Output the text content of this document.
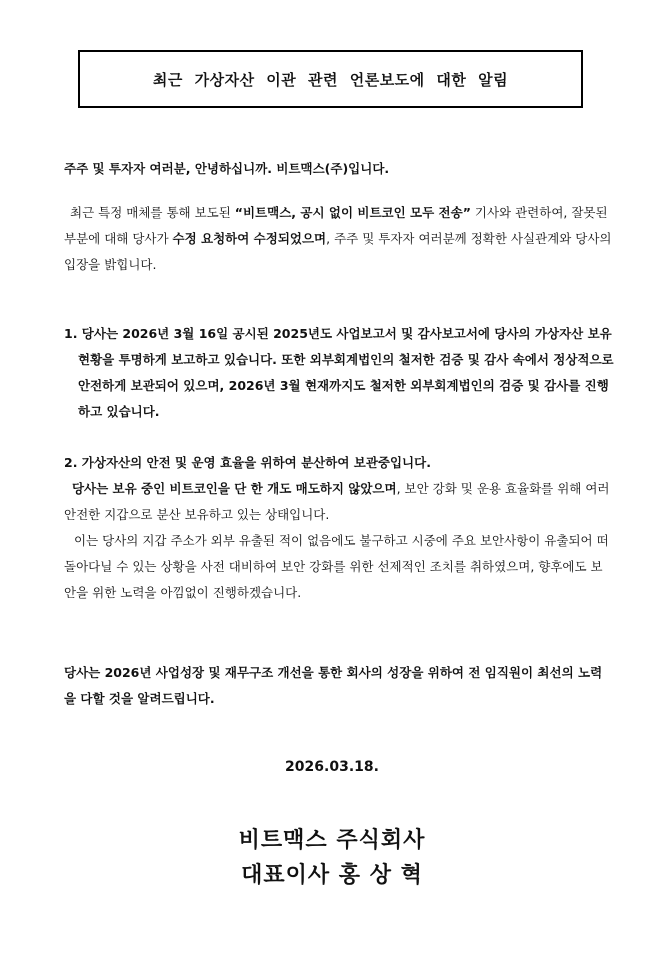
최근 가상자산 이관 관련 언론보도에 대한 알림
주주 및 투자자 여러분, 안녕하십니까. 비트맥스(주)입니다.
최근 특정 매체를 통해 보도된 “비트맥스, 공시 없이 비트코인 모두 전송” 기사와 관련하여, 잘못된 부분에 대해 당사가 수정 요청하여 수정되었으며, 주주 및 투자자 여러분께 정확한 사실관계와 당사의 입장을 밝힙니다.
1. 당사는 2026년 3월 16일 공시된 2025년도 사업보고서 및 감사보고서에 당사의 가상자산 보유 현황을 투명하게 보고하고 있습니다. 또한 외부회계법인의 철저한 검증 및 감사 속에서 정상적으로 안전하게 보관되어 있으며, 2026년 3월 현재까지도 철저한 외부회계법인의 검증 및 감사를 진행하고 있습니다.
2. 가상자산의 안전 및 운영 효율을 위하여 분산하여 보관중입니다.
당사는 보유 중인 비트코인을 단 한 개도 매도하지 않았으며, 보안 강화 및 운용 효율화를 위해 여러 안전한 지갑으로 분산 보유하고 있는 상태입니다.
이는 당사의 지갑 주소가 외부 유출된 적이 없음에도 불구하고 시중에 주요 보안사항이 유출되어 떠돌아다닐 수 있는 상황을 사전 대비하여 보안 강화를 위한 선제적인 조치를 취하였으며, 향후에도 보안을 위한 노력을 아낌없이 진행하겠습니다.
당사는 2026년 사업성장 및 재무구조 개선을 통한 회사의 성장을 위하여 전 임직원이 최선의 노력을 다할 것을 알려드립니다.
2026.03.18.
비트맥스 주식회사
대표이사 홍 상 혁
